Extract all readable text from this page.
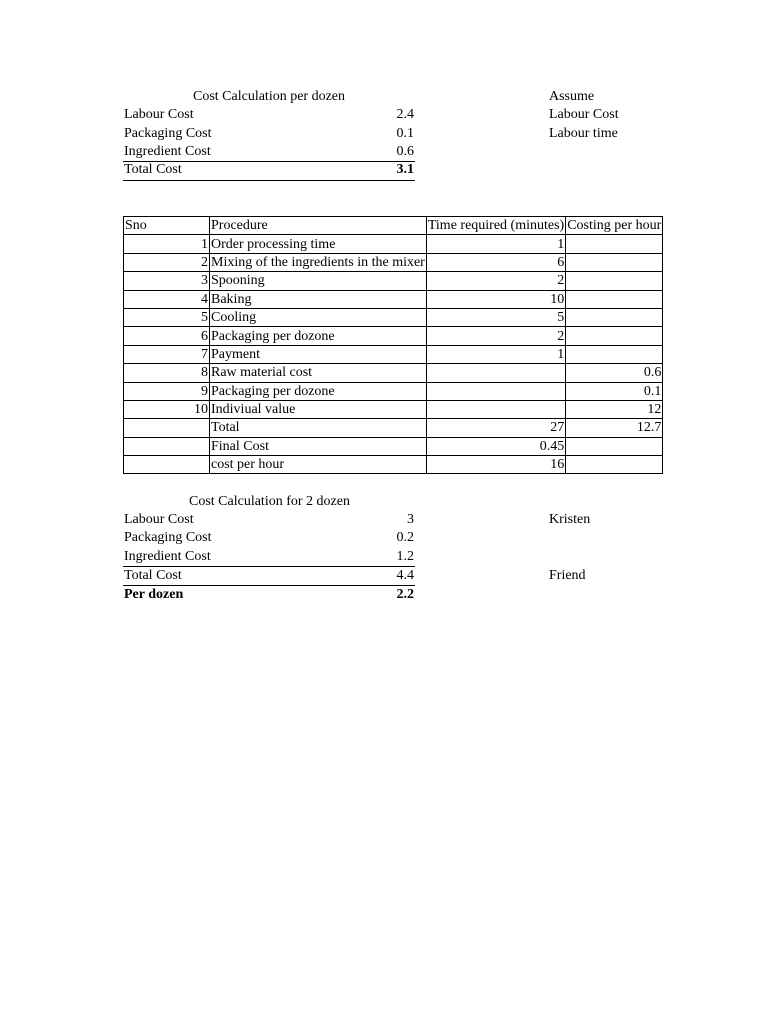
Cost Calculation per dozen
Labour Cost	2.4
Packaging Cost	0.1
Ingredient Cost	0.6
Total Cost	3.1
Assume
Labour Cost
Labour time
Sno	Procedure	Time required (minutes)	Costing per hour
1	Order processing time	1	
2	Mixing of the ingredients in the mixer	6	
3	Spooning	2	
4	Baking	10	
5	Cooling	5	
6	Packaging per dozone	2	
7	Payment	1	
8	Raw material cost		0.6
9	Packaging per dozone		0.1
10	Indiviual value		12
	Total	27	12.7
	Final Cost	0.45	
	cost per hour	16	
Cost Calculation for 2 dozen
Labour Cost	3
Packaging Cost	0.2
Ingredient Cost	1.2
Total Cost	4.4
Per dozen	2.2
Kristen
Friend
